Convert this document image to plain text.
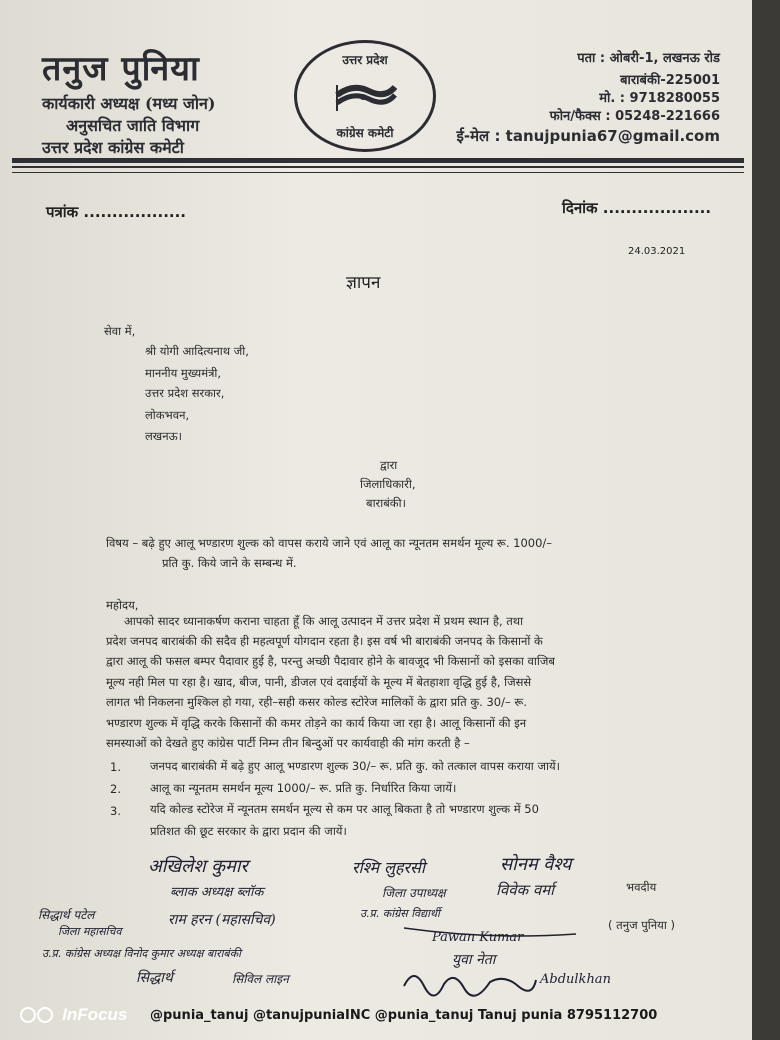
तनुज पुनिया
कार्यकारी अध्यक्ष (मध्य जोन)
अनुसचित जाति विभाग
उत्तर प्रदेश कांग्रेस कमेटी
उत्तर प्रदेश
कांग्रेस कमेटी
पता : ओबरी-1, लखनऊ रोड
बाराबंकी-225001
मो. : 9718280055
फोन/फैक्स : 05248-221666
ई-मेल : tanujpunia67@gmail.com
पत्रांक ..................	दिनांक ...................
24.03.2021
ज्ञापन
सेवा में,
श्री योगी आदित्यनाथ जी,
माननीय मुख्यमंत्री,
उत्तर प्रदेश सरकार,
लोकभवन,
लखनऊ।
द्वारा
जिलाधिकारी,
बाराबंकी।
विषय – बढ़े हुए आलू भण्डारण शुल्क को वापस कराये जाने एवं आलू का न्यूनतम समर्थन मूल्य रू. 1000/–
प्रति कु. किये जाने के सम्बन्ध में.
महोदय,
आपको सादर ध्यानाकर्षण कराना चाहता हूँ कि आलू उत्पादन में उत्तर प्रदेश में प्रथम स्थान है, तथा
प्रदेश जनपद बाराबंकी की सदैव ही महत्वपूर्ण योगदान रहता है। इस वर्ष भी बाराबंकी जनपद के किसानों के
द्वारा आलू की फसल बम्पर पैदावार हुई है, परन्तु अच्छी पैदावार होने के बावजूद भी किसानों को इसका वाजिब
मूल्य नही मिल पा रहा है। खाद, बीज, पानी, डीजल एवं दवाईयों के मूल्य में बेतहाशा वृद्धि हुई है, जिससे
लागत भी निकलना मुश्किल हो गया, रही–सही कसर कोल्ड स्टोरेज मालिकों के द्वारा प्रति कु. 30/– रू.
भण्डारण शुल्क में वृद्धि करके किसानों की कमर तोड़ने का कार्य किया जा रहा है। आलू किसानों की इन
समस्याओं को देखते हुए कांग्रेस पार्टी निम्न तीन बिन्दुओं पर कार्यवाही की मांग करती है –
1.	जनपद बाराबंकी में बढ़े हुए आलू भण्डारण शुल्क 30/– रू. प्रति कु. को तत्काल वापस कराया जायें।
2.	आलू का न्यूनतम समर्थन मूल्य 1000/– रू. प्रति कु. निर्धारित किया जायें।
3.	यदि कोल्ड स्टोरेज में न्यूनतम समर्थन मूल्य से कम पर आलू बिकता है तो भण्डारण शुल्क में 50
प्रतिशत की छूट सरकार के द्वारा प्रदान की जायें।
अखिलेश कुमार
ब्लाक अध्यक्ष ब्लॉक
रश्मि लुहरसी	सोनम वैश्य
जिला उपाध्यक्ष	विवेक वर्मा
उ.प्र. कांग्रेस विद्यार्थी
भवदीय
( तनुज पुनिया )
सिद्धार्थ पटेल
जिला महासचिव
राम हरन (महासचिव)
उ.प्र. कांग्रेस अध्यक्ष विनोद कुमार अध्यक्ष बाराबंकी
Pawan Kumar
युवा नेता
सिद्धार्थ	सिविल लाइन	Abdulkhan
@punia_tanuj @tanujpuniaINC @punia_tanuj Tanuj punia 8795112700
InFocus
